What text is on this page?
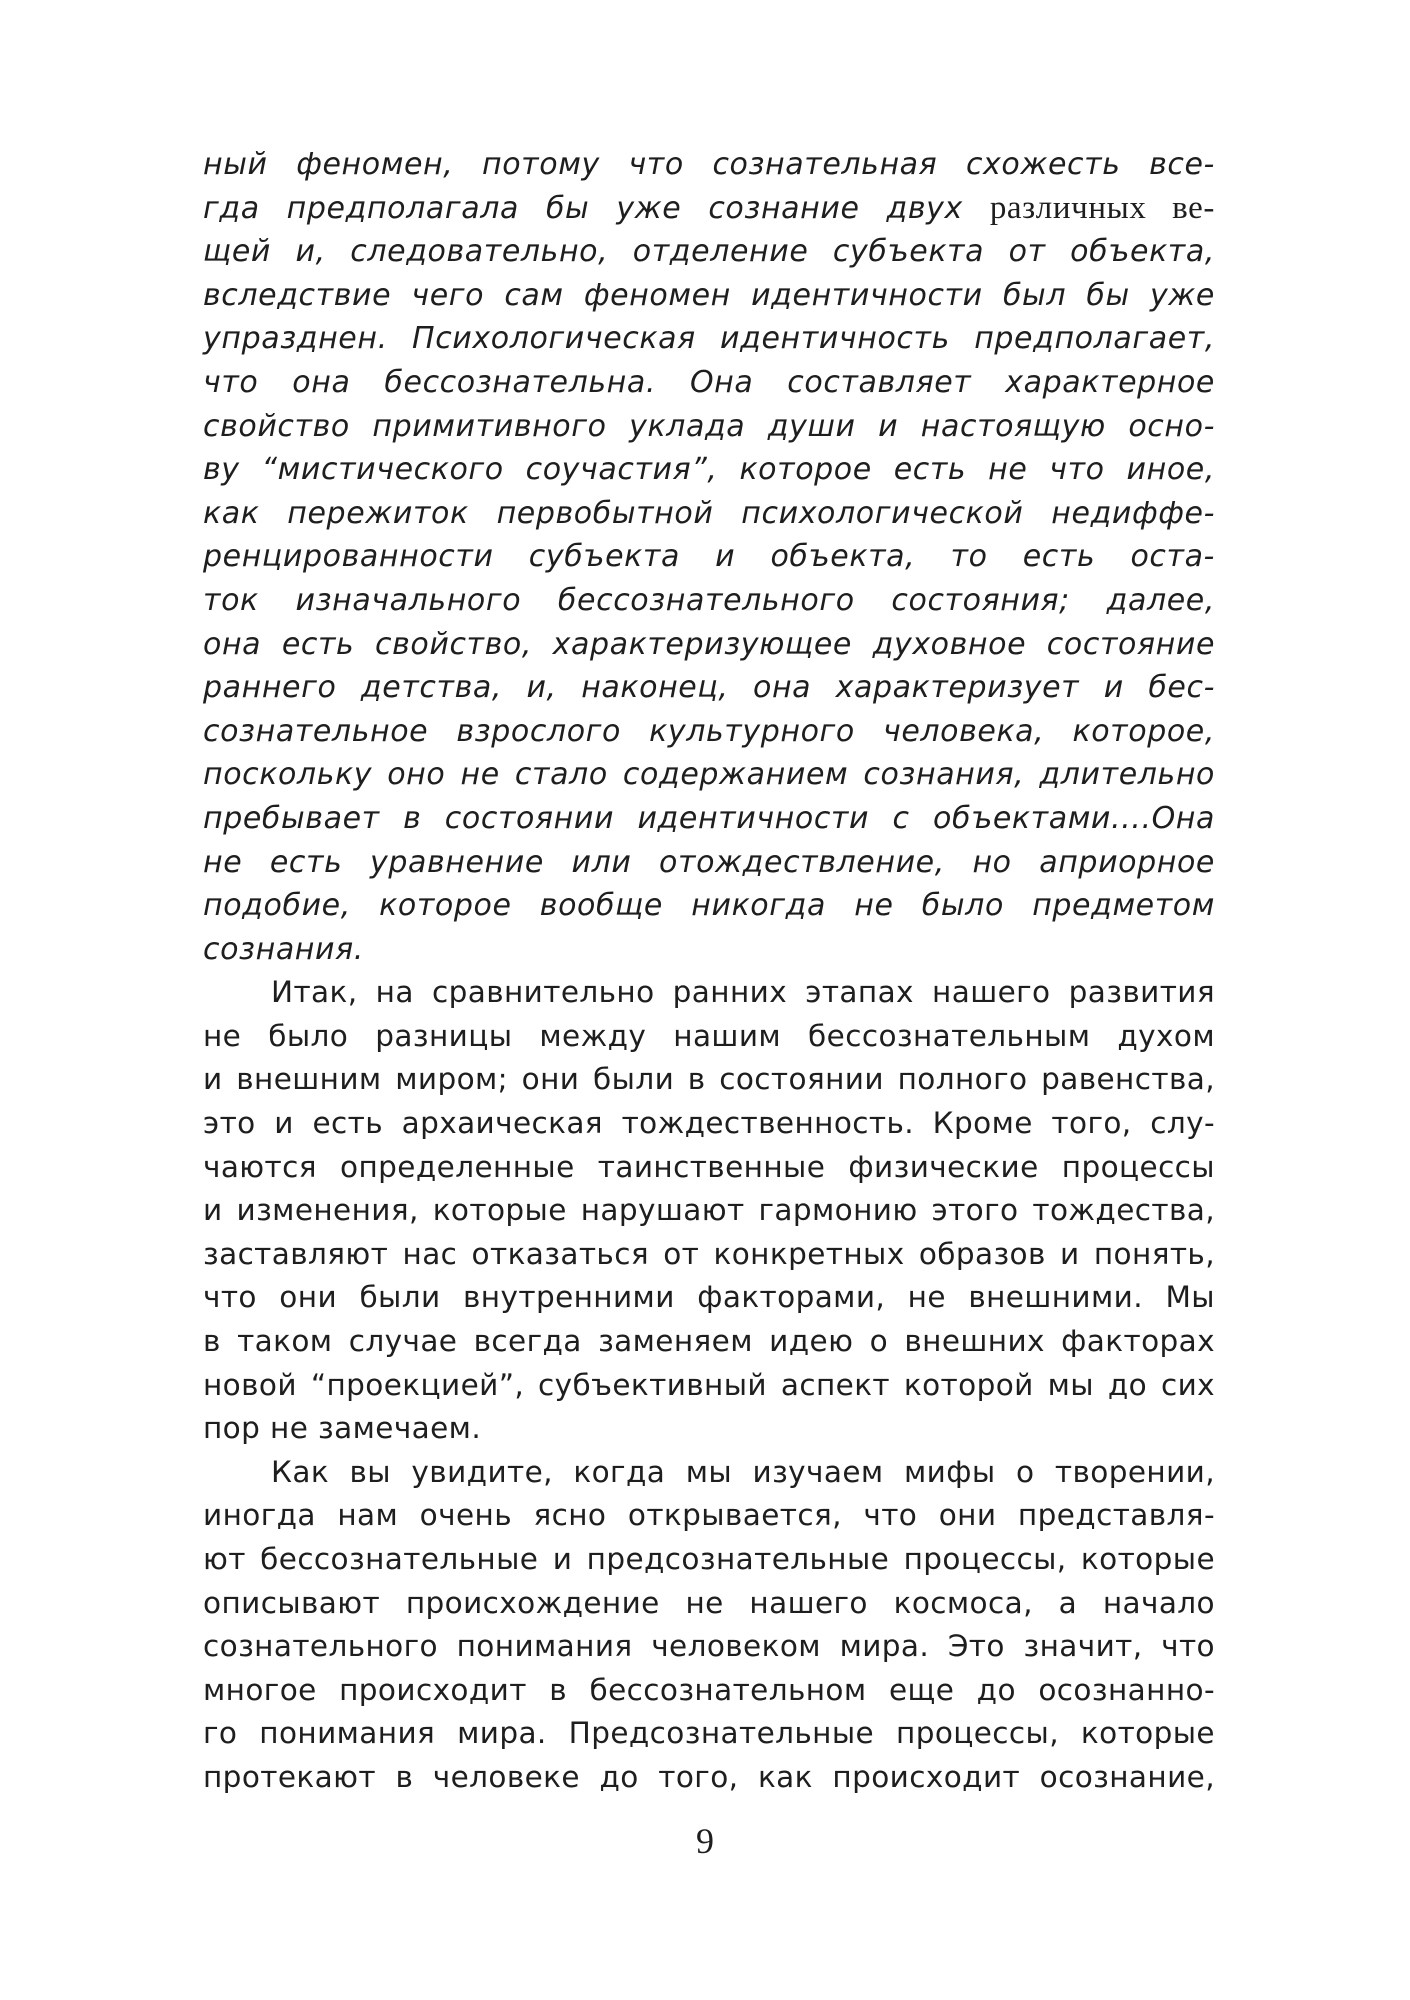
ный феномен, потому что сознательная схожесть все-
гда предполагала бы уже сознание двух различных ве-
щей и, следовательно, отделение субъекта от объекта,
вследствие чего сам феномен идентичности был бы уже
упразднен. Психологическая идентичность предполагает,
что она бессознательна. Она составляет характерное
свойство примитивного уклада души и настоящую осно-
ву “мистического соучастия”, которое есть не что иное,
как пережиток первобытной психологической недиффе-
ренцированности субъекта и объекта, то есть оста-
ток изначального бессознательного состояния; далее,
она есть свойство, характеризующее духовное состояние
раннего детства, и, наконец, она характеризует и бес-
сознательное взрослого культурного человека, которое,
поскольку оно не стало содержанием сознания, длительно
пребывает в состоянии идентичности с объектами....Она
не есть уравнение или отождествление, но априорное
подобие, которое вообще никогда не было предметом
сознания.
Итак, на сравнительно ранних этапах нашего развития
не было разницы между нашим бессознательным духом
и внешним миром; они были в состоянии полного равенства,
это и есть архаическая тождественность. Кроме того, слу-
чаются определенные таинственные физические процессы
и изменения, которые нарушают гармонию этого тождества,
заставляют нас отказаться от конкретных образов и понять,
что они были внутренними факторами, не внешними. Мы
в таком случае всегда заменяем идею о внешних факторах
новой “проекцией”, субъективный аспект которой мы до сих
пор не замечаем.
Как вы увидите, когда мы изучаем мифы о творении,
иногда нам очень ясно открывается, что они представля-
ют бессознательные и предсознательные процессы, которые
описывают происхождение не нашего космоса, а начало
сознательного понимания человеком мира. Это значит, что
многое происходит в бессознательном еще до осознанно-
го понимания мира. Предсознательные процессы, которые
протекают в человеке до того, как происходит осознание,
9
